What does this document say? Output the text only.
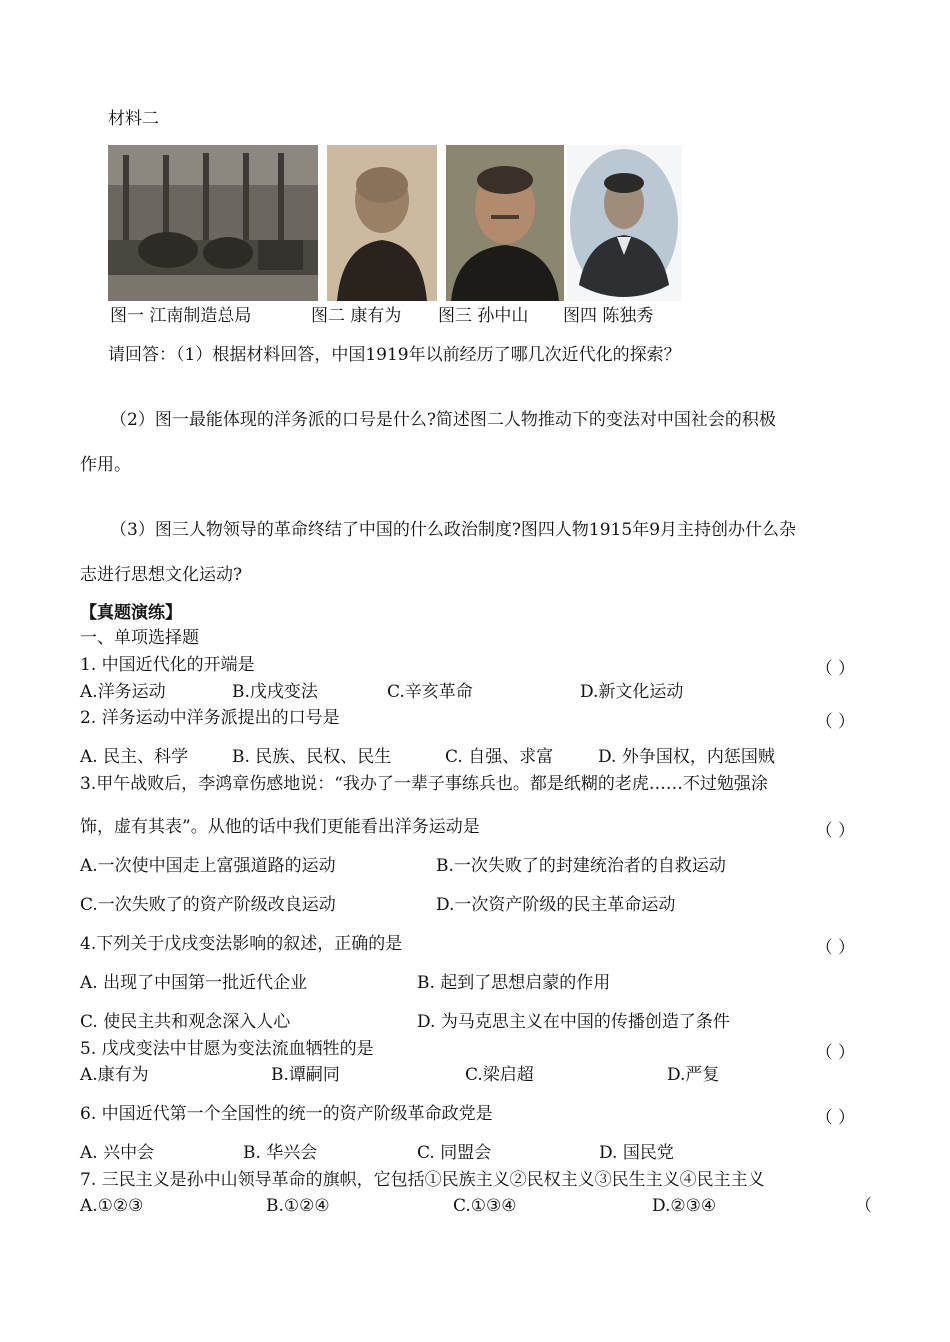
材料二
图一 江南制造总局	图二 康有为 图三 孙中山 图四 陈独秀
请回答：（1）根据材料回答，中国1919年以前经历了哪几次近代化的探索？
（2）图一最能体现的洋务派的口号是什么?简述图二人物推动下的变法对中国社会的积极
作用。
（3）图三人物领导的革命终结了中国的什么政治制度?图四人物1915年9月主持创办什么杂
志进行思想文化运动?
【真题演练】
一、单项选择题
1. 中国近代化的开端是	（ ）
A.洋务运动	B.戊戌变法	C.辛亥革命	D.新文化运动
2. 洋务运动中洋务派提出的口号是	（ ）
A. 民主、科学	B. 民族、民权、民生	C. 自强、求富	D. 外争国权，内惩国贼
3.甲午战败后，李鸿章伤感地说：“我办了一辈子事练兵也。都是纸糊的老虎……不过勉强涂
饰，虚有其表”。从他的话中我们更能看出洋务运动是	（ ）
A.一次使中国走上富强道路的运动	B.一次失败了的封建统治者的自救运动
C.一次失败了的资产阶级改良运动	D.一次资产阶级的民主革命运动
4.下列关于戊戌变法影响的叙述，正确的是	（ ）
A. 出现了中国第一批近代企业	B. 起到了思想启蒙的作用
C. 使民主共和观念深入人心	D. 为马克思主义在中国的传播创造了条件
5. 戊戌变法中甘愿为变法流血牺牲的是	（ ）
A.康有为	B.谭嗣同	C.梁启超	D.严复
6. 中国近代第一个全国性的统一的资产阶级革命政党是	（ ）
A. 兴中会	B. 华兴会	C. 同盟会	D. 国民党
7. 三民主义是孙中山领导革命的旗帜，它包括①民族主义②民权主义③民生主义④民主主义
A.①②③	B.①②④	C.①③④	D.②③④	（
